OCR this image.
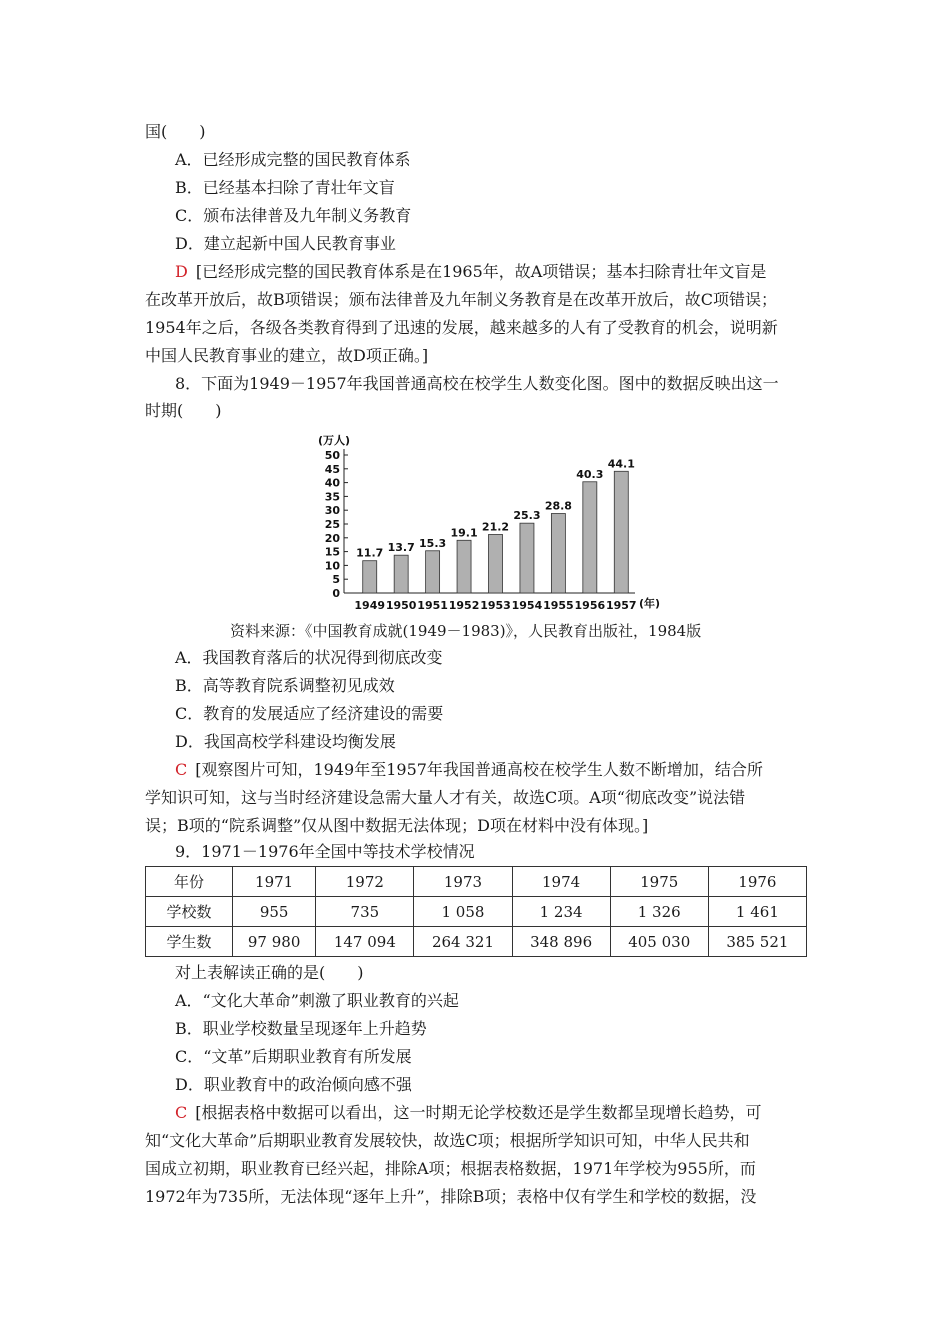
国(　　)
A．已经形成完整的国民教育体系
B．已经基本扫除了青壮年文盲
C．颁布法律普及九年制义务教育
D．建立起新中国人民教育事业
D [已经形成完整的国民教育体系是在1965年，故A项错误；基本扫除青壮年文盲是
在改革开放后，故B项错误；颁布法律普及九年制义务教育是在改革开放后，故C项错误；
1954年之后，各级各类教育得到了迅速的发展，越来越多的人有了受教育的机会，说明新
中国人民教育事业的建立，故D项正确。]
8．下面为1949－1957年我国普通高校在校学生人数变化图。图中的数据反映出这一
时期(　　)
0
5
10
15
20
25
30
35
40
45
50
(万人)
11.7
1949
13.7
1950
15.3
1951
19.1
1952
21.2
1953
25.3
1954
28.8
1955
40.3
1956
44.1
1957 (年)
资料来源：《中国教育成就(1949－1983)》，人民教育出版社，1984版
A．我国教育落后的状况得到彻底改变
B．高等教育院系调整初见成效
C．教育的发展适应了经济建设的需要
D．我国高校学科建设均衡发展
C [观察图片可知，1949年至1957年我国普通高校在校学生人数不断增加，结合所
学知识可知，这与当时经济建设急需大量人才有关，故选C项。A项“彻底改变”说法错
误；B项的“院系调整”仅从图中数据无法体现；D项在材料中没有体现。]
9．1971－1976年全国中等技术学校情况
年份	1971	1972	1973	1974	1975	1976
学校数	955	735	1 058	1 234	1 326	1 461
学生数	97 980	147 094	264 321	348 896	405 030	385 521
对上表解读正确的是(　　)
A．“文化大革命”刺激了职业教育的兴起
B．职业学校数量呈现逐年上升趋势
C．“文革”后期职业教育有所发展
D．职业教育中的政治倾向感不强
C [根据表格中数据可以看出，这一时期无论学校数还是学生数都呈现增长趋势，可
知“文化大革命”后期职业教育发展较快，故选C项；根据所学知识可知，中华人民共和
国成立初期，职业教育已经兴起，排除A项；根据表格数据，1971年学校为955所，而
1972年为735所，无法体现“逐年上升”，排除B项；表格中仅有学生和学校的数据，没
